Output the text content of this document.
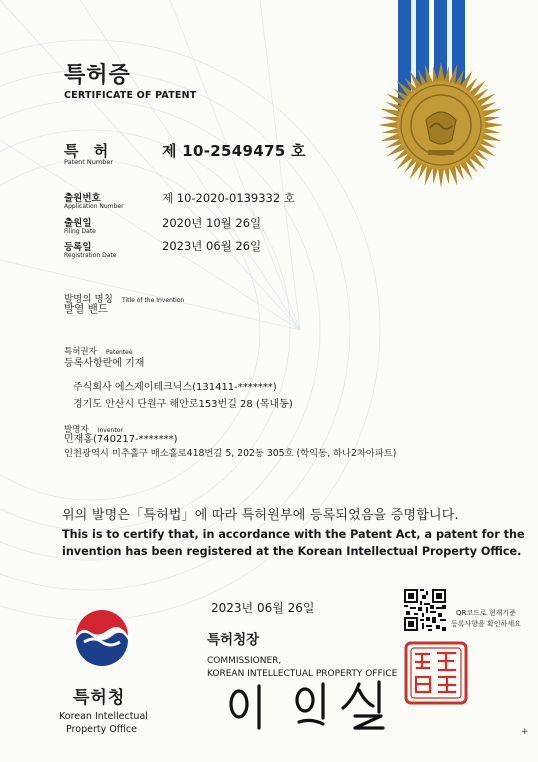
특허증
CERTIFICATE OF PATENT
특 허
Patent Number
제 10-2549475 호
출원번호
Application Number
제 10-2020-0139332 호
출원일
Filing Date
2020년 10월 26일
등록일
Registration Date
2023년 06월 26일
발명의 명칭 Title of the Invention
발열 밴드
특허권자 Patentee
등록사항란에 기재
주식회사 에스제이테크닉스(131411-*******)
경기도 안산시 단원구 해안로153번길 28 (목내동)
발명자 Inventor
민재홍(740217-*******)
인천광역시 미추홀구 매소홀로418번길 5, 202동 305호 (학익동, 하나2차아파트)
위의 발명은「특허법」에 따라 특허원부에 등록되었음을 증명합니다.
This is to certify that, in accordance with the Patent Act, a patent for the
invention has been registered at the Korean Intellectual Property Office.
2023년 06월 26일	QR코드로 현재기준
등록사항을 확인하세요
특허청
Korean Intellectual
Property Office
특허청장
COMMISSIONER,
KOREAN INTELLECTUAL PROPERTY OFFICE
+
